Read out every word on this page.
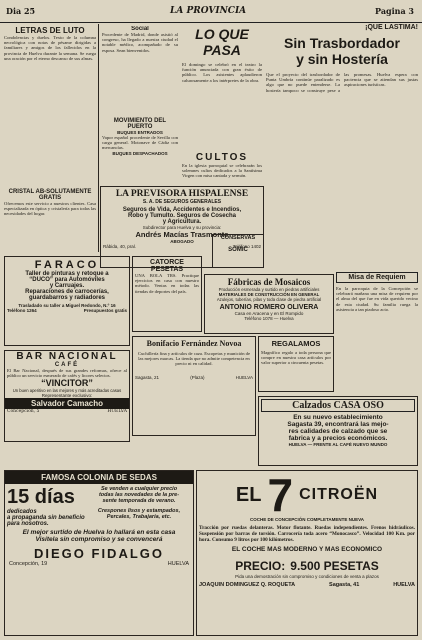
Dia 25	LA PROVINCIA	Pagina 3

LETRAS DE LUTO

Condolencias y duelos. Texto de la columna necrológica con notas de pésame dirigidas a familiares y amigos de los fallecidos en la provincia de Huelva durante la semana. Se ruega una oración por el eterno descanso de sus almas.

CRISTAL AB-SOLUTAMENTE GRATIS

Ofrecemos este servicio a nuestros clientes. Casa especializada en óptica y cristalería para todas las necesidades del hogar.

Social

Procedente de Madrid, donde asistió al congreso, ha llegado a nuestra ciudad el notable médico, acompañado de su esposa. Sean bienvenidos.

MOVIMIENTO DEL PUERTO

BUQUES ENTRADOS

Vapor español procedente de Sevilla con carga general. Motonave de Cádiz con mercancías.

BUQUES DESPACHADOS

LO QUE PASA

El domingo se celebró en el teatro la función anunciada con gran éxito de público. Los asistentes aplaudieron calurosamente a los intérpretes de la obra.

CULTOS

En la iglesia parroquial se celebrarán los solemnes cultos dedicados a la Santísima Virgen con misa cantada y sermón.

¡QUE LASTIMA!

Sin Trasbordador

y sin Hostería

Que el proyecto del trasbordador de Punta Umbría continúe paralizado es algo que no puede entenderse. La hostería tampoco se construye pese a las promesas. Huelva espera con paciencia que se atiendan sus justas aspiraciones turísticas.

LA PREVISORA HISPALENSE

S. A. DE SEGUROS GENERALES

Seguros de Vida, Accidentes e Incendios,

Robo y Tumulto. Seguros de Cosecha

y Agricultura.

Subdirector para Huelva y su provincia:

Andrés Macías Trasmonte

ABOGADO

Rábida, 40, pral.	Teléfono 1402

CONSERVAS

SOMIC

FARACO

Taller de pinturas y retoque a

“DUCO” para Automóviles

y Carruajes.

Reparaciones de carrocerías,

guardabarros y radiadores

Trasladado su taller a Miguel Redondo, N.º 16

Teléfono 1264	Presupuestos gratis

CATORCE PESETAS

UNA BOLA TRS. Practique ejercicios en casa con nuestro método. Ventas en todas las tiendas de deportes del país.

Fábricas de Mosaicos

Producción esmerada y surtido en piedras artificiales

MATERIALES DE CONSTRUCCIÓN EN GENERAL

Azulejos, tuberías, pilas y toda clase de piedra artificial

ANTONIO ROMERO OLIVERA

Casa en Aracena y en El Rompido

Teléfono 1078 — Huelva

Misa de Requiem

En la parroquia de la Concepción se celebrará mañana una misa de requiem por el alma del que fue en vida querido vecino de esta ciudad. Su familia ruega la asistencia a tan piadoso acto.

BAR NACIONAL

CAFÉ

El Bar Nacional, después de sus grandes reformas, ofrece al público un servicio esmerado de cafés y licores selectos.

“VINCITOR”

Un buen aperitivo en las mejores y más acreditadas casas

Representante exclusivo:

Salvador Camacho
Concepción, 5	HUELVA

Bonifacio Fernández Novoa

Cuchillería fina y artículos de caza. Escopetas y munición de las mejores marcas. La tienda que no admite competencia en precio ni en calidad.

Sagasta, 21	(Plaza)	HUELVA

REGALAMOS

Magnífico regalo a toda persona que compre en nuestra casa artículos por valor superior a cincuenta pesetas.

Calzados CASA OSO

En su nuevo establecimiento

Sagasta 39, encontrará las mejo-

res calidades de calzado que se

fabrica y a precios económicos.

HUELVA — FRENTE AL CAFÉ NUEVO MUNDO

FAMOSA COLONIA DE SEDAS

15 días

dedicados

a propaganda sin beneficio

para nosotros.

Se venden a cualquier precio

todas las novedades de la pre-

sente temporada de verano.

Crespones lisos y estampados,

Percales, Trabajaria, etc.

El mejor surtido de Huelva lo hallará en esta casa

Visítela sin compromiso y se convencerá

DIEGO FIDALGO

Concepción, 19	HUELVA
EL 7 CITROËN

COCHE DE CONCEPCIÓN COMPLETAMENTE NUEVA

Tracción por ruedas delanteras. Motor flotante. Ruedas independientes. Frenos hidráulicos. Suspensión por barras de torsión. Carrocería toda acero “Monocasco”. Velocidad 100 Km. por hora. Consumo 9 litros por 100 kilómetros.

EL COCHE MAS MODERNO Y MAS ECONOMICO

PRECIO: 9.500 PESETAS

Pida una demostración sin compromiso y condiciones de venta a plazos

JOAQUIN DOMINGUEZ Q. ROQUETA	Sagasta, 41	HUELVA
